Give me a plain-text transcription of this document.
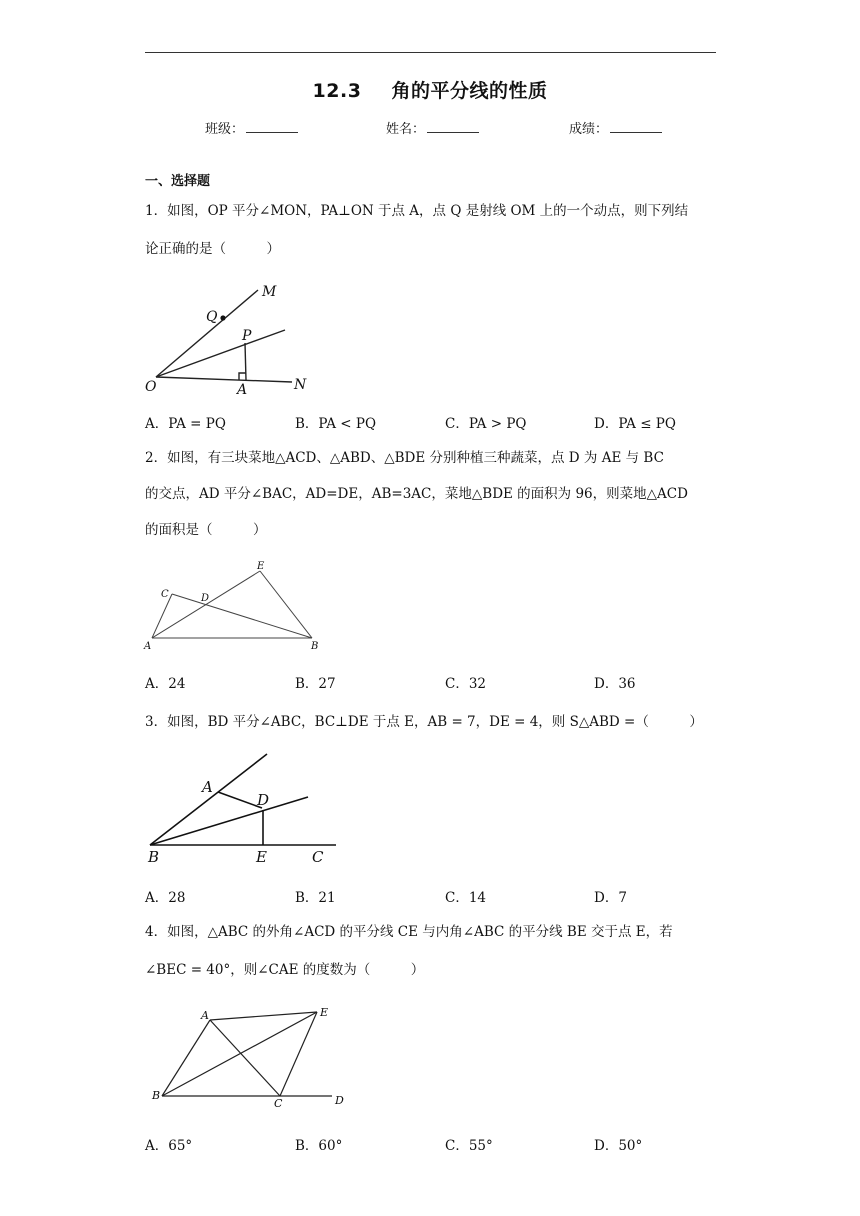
12.3 角的平分线的性质
班级：	姓名：	成绩：
一、选择题
1．如图，OP 平分∠MON，PA⊥ON 于点 A，点 Q 是射线 OM 上的一个动点，则下列结
论正确的是（　　　）
M
Q
P
O	A	N
E
C	D
A	B
A
D
B	E	C
A	E
B
C	D
A．PA = PQ	B．PA < PQ	C．PA > PQ	D．PA ≤ PQ
2．如图，有三块菜地△ACD、△ABD、△BDE 分别种植三种蔬菜，点 D 为 AE 与 BC
的交点，AD 平分∠BAC，AD=DE，AB=3AC，菜地△BDE 的面积为 96，则菜地△ACD
的面积是（　　　）
A．24	B．27	C．32	D．36
3．如图，BD 平分∠ABC，BC⊥DE 于点 E，AB = 7，DE = 4，则 S△ABD =（　　　）
A．28	B．21	C．14	D．7
4．如图，△ABC 的外角∠ACD 的平分线 CE 与内角∠ABC 的平分线 BE 交于点 E，若
∠BEC = 40°，则∠CAE 的度数为（　　　）
A．65°	B．60°	C．55°	D．50°
